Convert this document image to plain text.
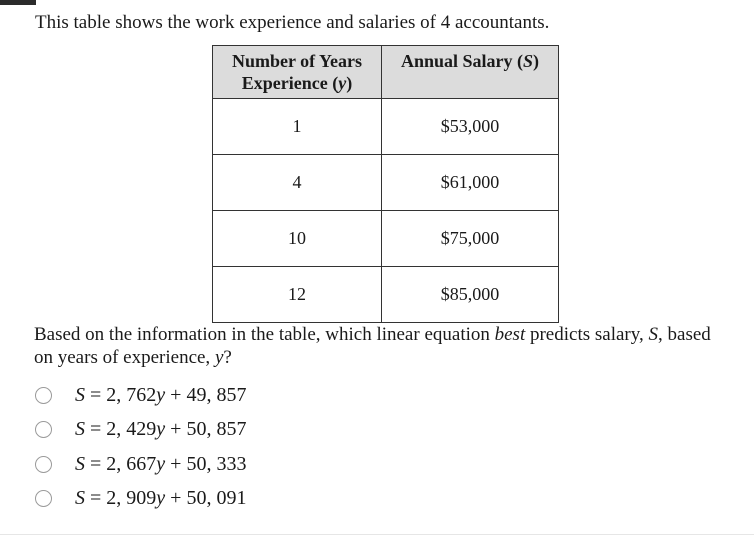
This table shows the work experience and salaries of 4 accountants.
Number of Years
Experience (y)	Annual Salary (S)
1	$53,000
4	$61,000
10	$75,000
12	$85,000
Based on the information in the table, which linear equation best predicts salary, S, based on years of experience, y?
S = 2, 762y + 49, 857
S = 2, 429y + 50, 857
S = 2, 667y + 50, 333
S = 2, 909y + 50, 091
